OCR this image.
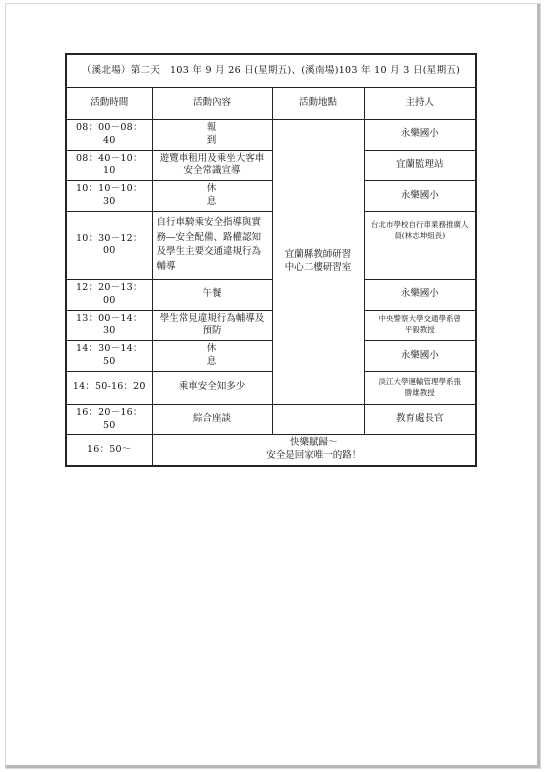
（溪北場）第二天　103 年 9 月 26 日(星期五)、(溪南場)103 年 10 月 3 日(星期五)			
活動時間	活動內容	活動地點	主持人
08：00－08：40	報　到	宜蘭縣教師研習中心二樓研習室	永樂國小
08：40－10：10	遊覽車租用及乘坐大客車安全常識宣導		宜蘭監理站
10：10－10：30	休　息		永樂國小
10：30－12：00	自行車騎乘安全指導與實務—安全配備、路權認知及學生主要交通違規行為輔導		台北市學校自行車業務推廣人員(林志坤組長)
12：20－13：00	午餐		永樂國小
13：00－14：30	學生常見違規行為輔導及預防		中央警察大學交通學系曾平毅教授
14：30－14：50	休　息		永樂國小
14：50-16：20	乘車安全知多少		淡江大學運輸管理學系張勝雄教授
16：20－16：50	綜合座談		教育處長官
16：50～	快樂賦歸～
安全是回家唯一的路！		
